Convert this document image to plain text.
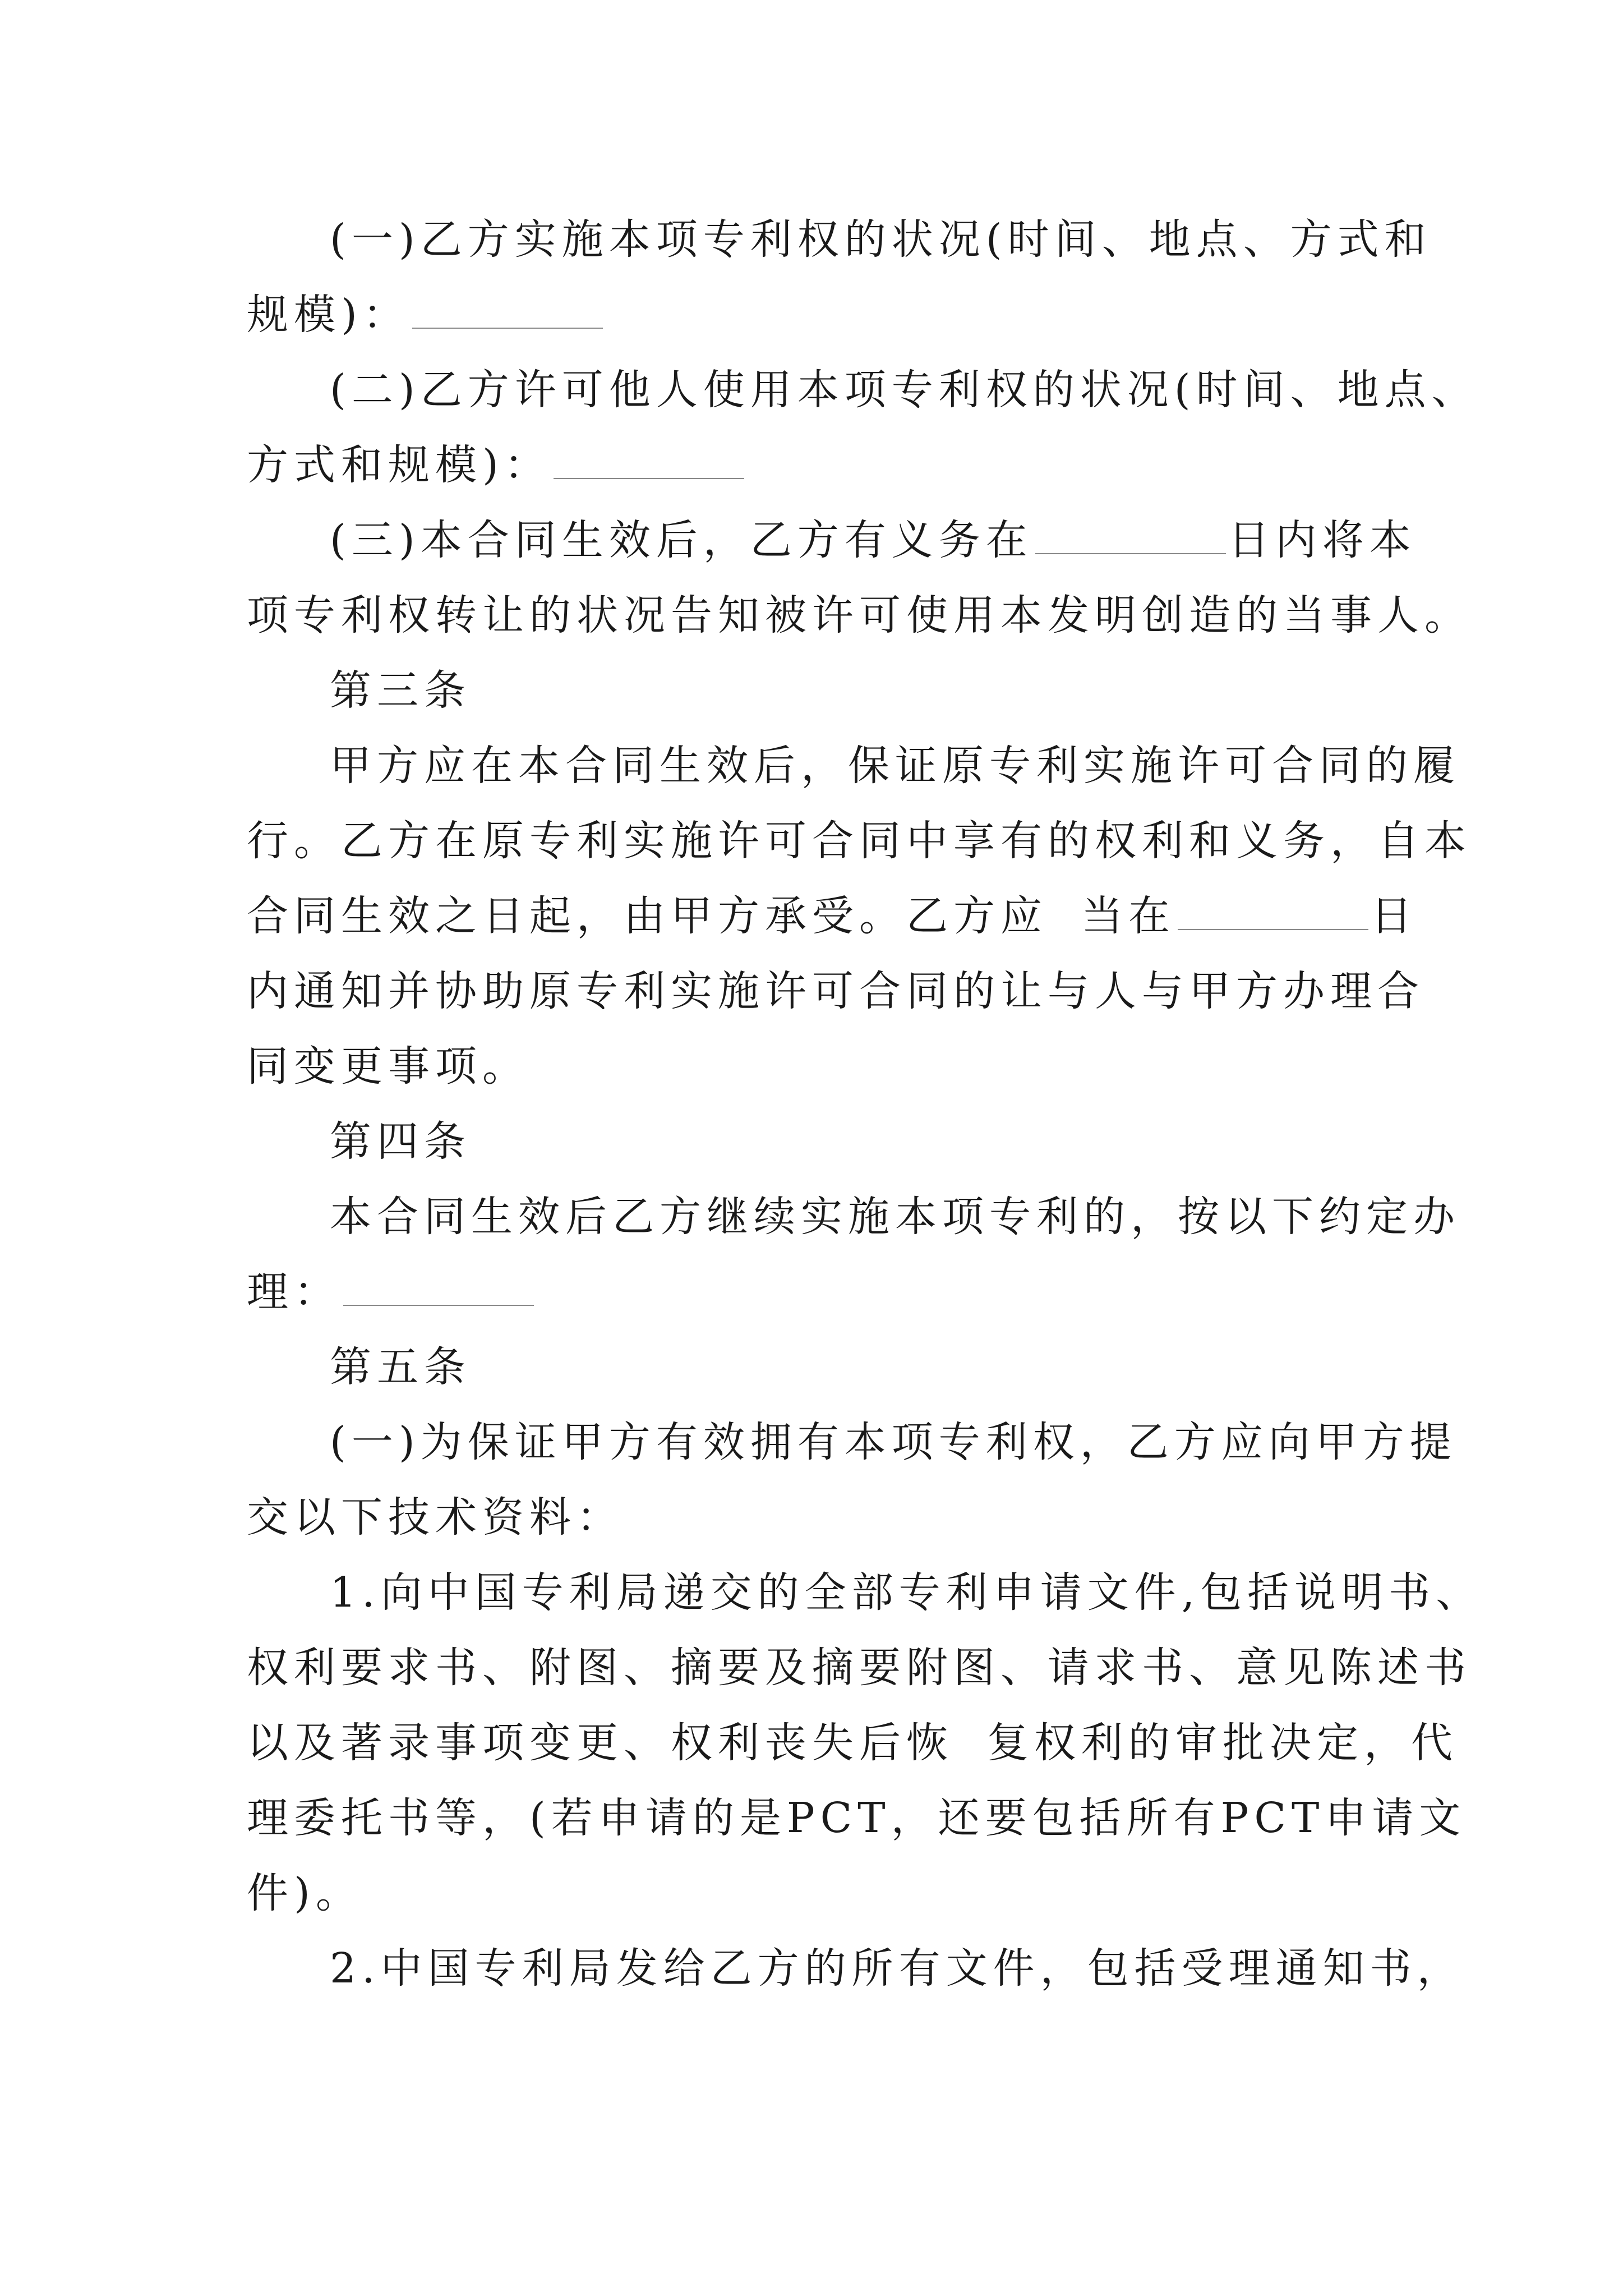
(一)乙方实施本项专利权的状况(时间、地点、方式和
规模)：
(二)乙方许可他人使用本项专利权的状况(时间、地点、
方式和规模)：
(三)本合同生效后，乙方有义务在	日内将本
项专利权转让的状况告知被许可使用本发明创造的当事人。
第三条
甲方应在本合同生效后，保证原专利实施许可合同的履
行。乙方在原专利实施许可合同中享有的权利和义务，自本
合同生效之日起，由甲方承受。乙方应 当在	日
内通知并协助原专利实施许可合同的让与人与甲方办理合
同变更事项。
第四条
本合同生效后乙方继续实施本项专利的，按以下约定办
理：
第五条
(一)为保证甲方有效拥有本项专利权，乙方应向甲方提
交以下技术资料：
1.向中国专利局递交的全部专利申请文件,包括说明书、
权利要求书、附图、摘要及摘要附图、请求书、意见陈述书
以及著录事项变更、权利丧失后恢 复权利的审批决定，代
理委托书等，(若申请的是PCT，还要包括所有PCT申请文
件)。
2.中国专利局发给乙方的所有文件，包括受理通知书，
